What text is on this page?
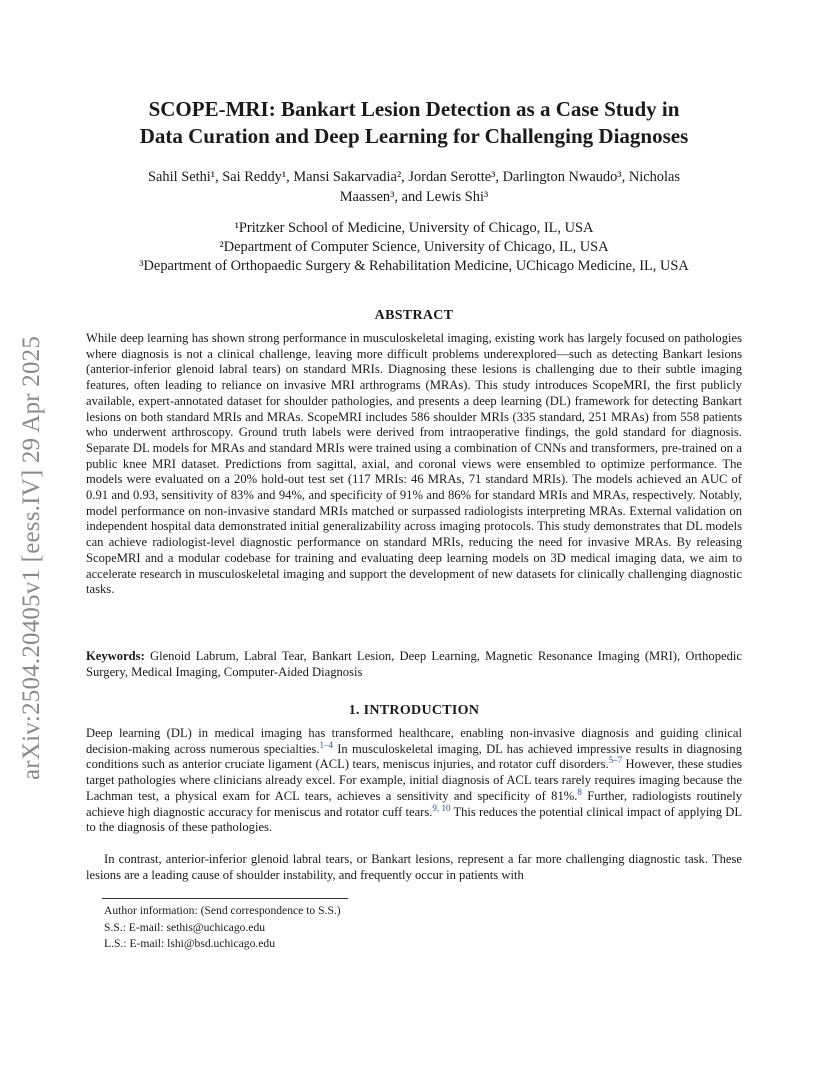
arXiv:2504.20405v1 [eess.IV] 29 Apr 2025
SCOPE-MRI: Bankart Lesion Detection as a Case Study in
Data Curation and Deep Learning for Challenging Diagnoses

Sahil Sethi¹, Sai Reddy¹, Mansi Sakarvadia², Jordan Serotte³, Darlington Nwaudo³, Nicholas
Maassen³, and Lewis Shi³

¹Pritzker School of Medicine, University of Chicago, IL, USA
²Department of Computer Science, University of Chicago, IL, USA
³Department of Orthopaedic Surgery & Rehabilitation Medicine, UChicago Medicine, IL, USA
ABSTRACT

While deep learning has shown strong performance in musculoskeletal imaging, existing work has largely focused on pathologies where diagnosis is not a clinical challenge, leaving more difficult problems underexplored—such as detecting Bankart lesions (anterior-inferior glenoid labral tears) on standard MRIs. Diagnosing these lesions is challenging due to their subtle imaging features, often leading to reliance on invasive MRI arthrograms (MRAs). This study introduces ScopeMRI, the first publicly available, expert-annotated dataset for shoulder pathologies, and presents a deep learning (DL) framework for detecting Bankart lesions on both standard MRIs and MRAs. ScopeMRI includes 586 shoulder MRIs (335 standard, 251 MRAs) from 558 patients who underwent arthroscopy. Ground truth labels were derived from intraoperative findings, the gold standard for diagnosis. Separate DL models for MRAs and standard MRIs were trained using a combination of CNNs and transformers, pre-trained on a public knee MRI dataset. Predictions from sagittal, axial, and coronal views were ensembled to optimize performance. The models were evaluated on a 20% hold-out test set (117 MRIs: 46 MRAs, 71 standard MRIs). The models achieved an AUC of 0.91 and 0.93, sensitivity of 83% and 94%, and specificity of 91% and 86% for standard MRIs and MRAs, respectively. Notably, model performance on non-invasive standard MRIs matched or surpassed radiologists interpreting MRAs. External validation on independent hospital data demonstrated initial generalizability across imaging protocols. This study demonstrates that DL models can achieve radiologist-level diagnostic performance on standard MRIs, reducing the need for invasive MRAs. By releasing ScopeMRI and a modular codebase for training and evaluating deep learning models on 3D medical imaging data, we aim to accelerate research in musculoskeletal imaging and support the development of new datasets for clinically challenging diagnostic tasks.

Keywords: Glenoid Labrum, Labral Tear, Bankart Lesion, Deep Learning, Magnetic Resonance Imaging (MRI), Orthopedic Surgery, Medical Imaging, Computer-Aided Diagnosis

1. INTRODUCTION

Deep learning (DL) in medical imaging has transformed healthcare, enabling non-invasive diagnosis and guiding clinical decision-making across numerous specialties.$^{1-4}$ In musculoskeletal imaging, DL has achieved impressive results in diagnosing conditions such as anterior cruciate ligament (ACL) tears, meniscus injuries, and rotator cuff disorders.$^{5-7}$ However, these studies target pathologies where clinicians already excel. For example, initial diagnosis of ACL tears rarely requires imaging because the Lachman test, a physical exam for ACL tears, achieves a sensitivity and specificity of 81%.$^8$ Further, radiologists routinely achieve high diagnostic accuracy for meniscus and rotator cuff tears.$^{9, 10}$ This reduces the potential clinical impact of applying DL to the diagnosis of these pathologies.

In contrast, anterior-inferior glenoid labral tears, or Bankart lesions, represent a far more challenging diagnostic task. These lesions are a leading cause of shoulder instability, and frequently occur in patients with

Author information: (Send correspondence to S.S.)
S.S.: E-mail: sethis@uchicago.edu
L.S.: E-mail: lshi@bsd.uchicago.edu
